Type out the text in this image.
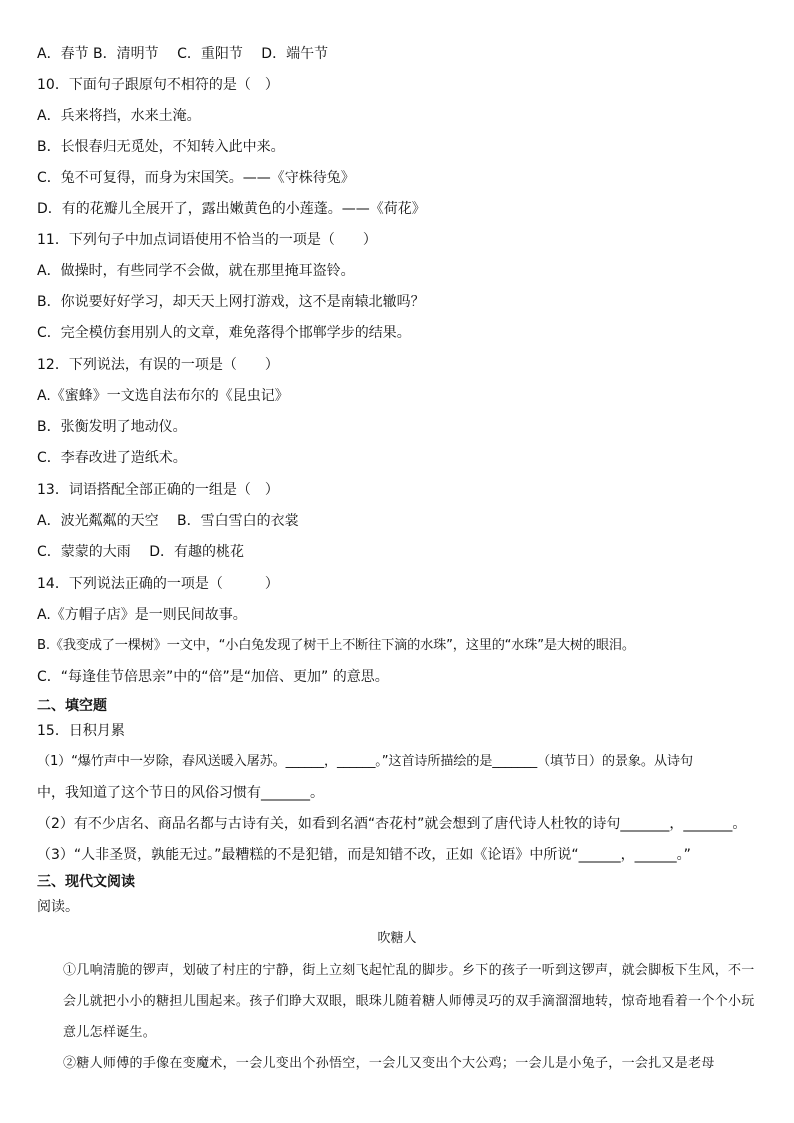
A．春节 B．清明节　 C．重阳节　 D．端午节
10．下面句子跟原句不相符的是（　）
A．兵来将挡，水来土淹。
B．长恨春归无觅处，不知转入此中来。
C．兔不可复得，而身为宋国笑。——《守株待兔》
D．有的花瓣儿全展开了，露出嫩黄色的小莲蓬。——《荷花》
11．下列句子中加点词语使用不恰当的一项是（　　）
A．做操时，有些同学不会做，就在那里掩耳盗铃。
B．你说要好好学习，却天天上网打游戏，这不是南辕北辙吗？
C．完全模仿套用别人的文章，难免落得个邯郸学步的结果。
12．下列说法，有误的一项是（　　）
A.《蜜蜂》一文选自法布尔的《昆虫记》
B．张衡发明了地动仪。
C．李春改进了造纸术。
13．词语搭配全部正确的一组是（　）
A．波光粼粼的天空　 B．雪白雪白的衣裳
C．蒙蒙的大雨　 D．有趣的桃花
14．下列说法正确的一项是（　　　）
A.《方帽子店》是一则民间故事。
B.《我变成了一棵树》一文中，“小白兔发现了树干上不断往下滴的水珠”，这里的“水珠”是大树的眼泪。
C．“每逢佳节倍思亲”中的“倍”是“加倍、更加” 的意思。
二、填空题
15．日积月累
（1）“爆竹声中一岁除，春风送暖入屠苏。______，______。”这首诗所描绘的是_______（填节日）的景象。从诗句
中，我知道了这个节日的风俗习惯有_______。
（2）有不少店名、商品名都与古诗有关，如看到名酒“杏花村”就会想到了唐代诗人杜牧的诗句_______，_______。
（3）“人非圣贤，孰能无过。”最糟糕的不是犯错，而是知错不改，正如《论语》中所说“______，______。”
三、现代文阅读
阅读。
吹糖人
①几响清脆的锣声，划破了村庄的宁静，街上立刻飞起忙乱的脚步。乡下的孩子一听到这锣声，就会脚板下生风，不一会儿就把小小的糖担儿围起来。孩子们睁大双眼，眼珠儿随着糖人师傅灵巧的双手滴溜溜地转，惊奇地看着一个个小玩意儿怎样诞生。
②糖人师傅的手像在变魔术，一会儿变出个孙悟空，一会儿又变出个大公鸡；一会儿是小兔子，一会扎又是老母
